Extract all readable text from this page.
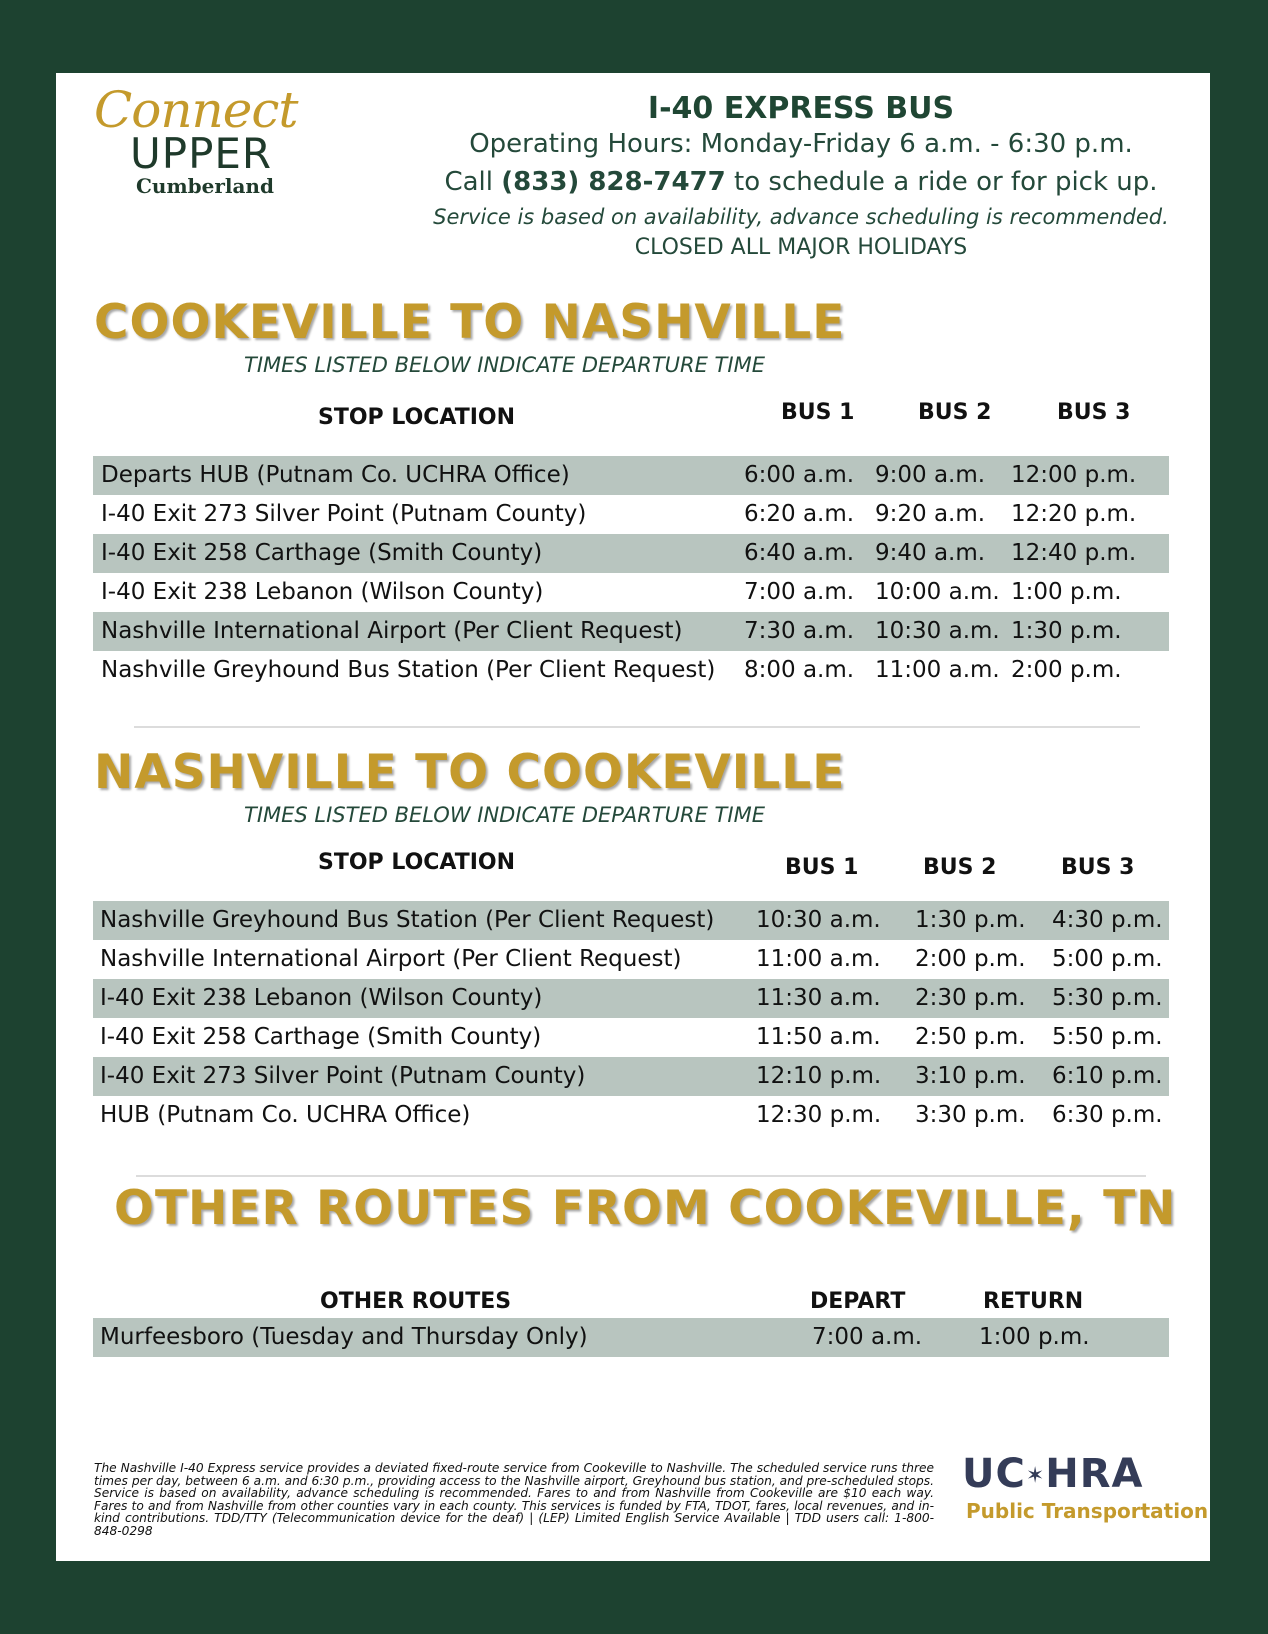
Connect
UPPER
Cumberland
I-40 EXPRESS BUS
Operating Hours: Monday-Friday 6 a.m. - 6:30 p.m.
Call (833) 828-7477 to schedule a ride or for pick up.
Service is based on availability, advance scheduling is recommended.
CLOSED ALL MAJOR HOLIDAYS
COOKEVILLE TO NASHVILLE
TIMES LISTED BELOW INDICATE DEPARTURE TIME
STOP LOCATION	BUS 1	BUS 2	BUS 3
Departs HUB (Putnam Co. UCHRA Office)	6:00 a.m. 9:00 a.m. 12:00 p.m.
I-40 Exit 273 Silver Point (Putnam County)	6:20 a.m. 9:20 a.m. 12:20 p.m.
I-40 Exit 258 Carthage (Smith County)	6:40 a.m. 9:40 a.m. 12:40 p.m.
I-40 Exit 238 Lebanon (Wilson County)	7:00 a.m. 10:00 a.m. 1:00 p.m.
Nashville International Airport (Per Client Request)	7:30 a.m. 10:30 a.m. 1:30 p.m.
Nashville Greyhound Bus Station (Per Client Request) 8:00 a.m. 11:00 a.m. 2:00 p.m.
NASHVILLE TO COOKEVILLE
TIMES LISTED BELOW INDICATE DEPARTURE TIME
STOP LOCATION	BUS 1	BUS 2	BUS 3
Nashville Greyhound Bus Station (Per Client Request) 10:30 a.m. 1:30 p.m. 4:30 p.m.
Nashville International Airport (Per Client Request)	11:00 a.m. 2:00 p.m. 5:00 p.m.
I-40 Exit 238 Lebanon (Wilson County)	11:30 a.m. 2:30 p.m. 5:30 p.m.
I-40 Exit 258 Carthage (Smith County)	11:50 a.m. 2:50 p.m. 5:50 p.m.
I-40 Exit 273 Silver Point (Putnam County)	12:10 p.m. 3:10 p.m. 6:10 p.m.
HUB (Putnam Co. UCHRA Office)	12:30 p.m. 3:30 p.m. 6:30 p.m.
OTHER ROUTES FROM COOKEVILLE, TN
OTHER ROUTES	DEPART	RETURN
Murfeesboro (Tuesday and Thursday Only)	7:00 a.m. 1:00 p.m.
The Nashville I-40 Express service provides a deviated fixed-route service from Cookeville to Nashville. The scheduled service runs three times per day, between 6 a.m. and 6:30 p.m., providing access to the Nashville airport, Greyhound bus station, and pre-scheduled stops. Service is based on availability, advance scheduling is recommended. Fares to and from Nashville from Cookeville are $10 each way. Fares to and from Nashville from other counties vary in each county. This services is funded by FTA, TDOT, fares, local revenues, and in-kind contributions. TDD/TTY (Telecommunication device for the deaf) | (LEP) Limited English Service Available | TDD users call: 1-800-848-0298
UC✶HRA
Public Transportation
